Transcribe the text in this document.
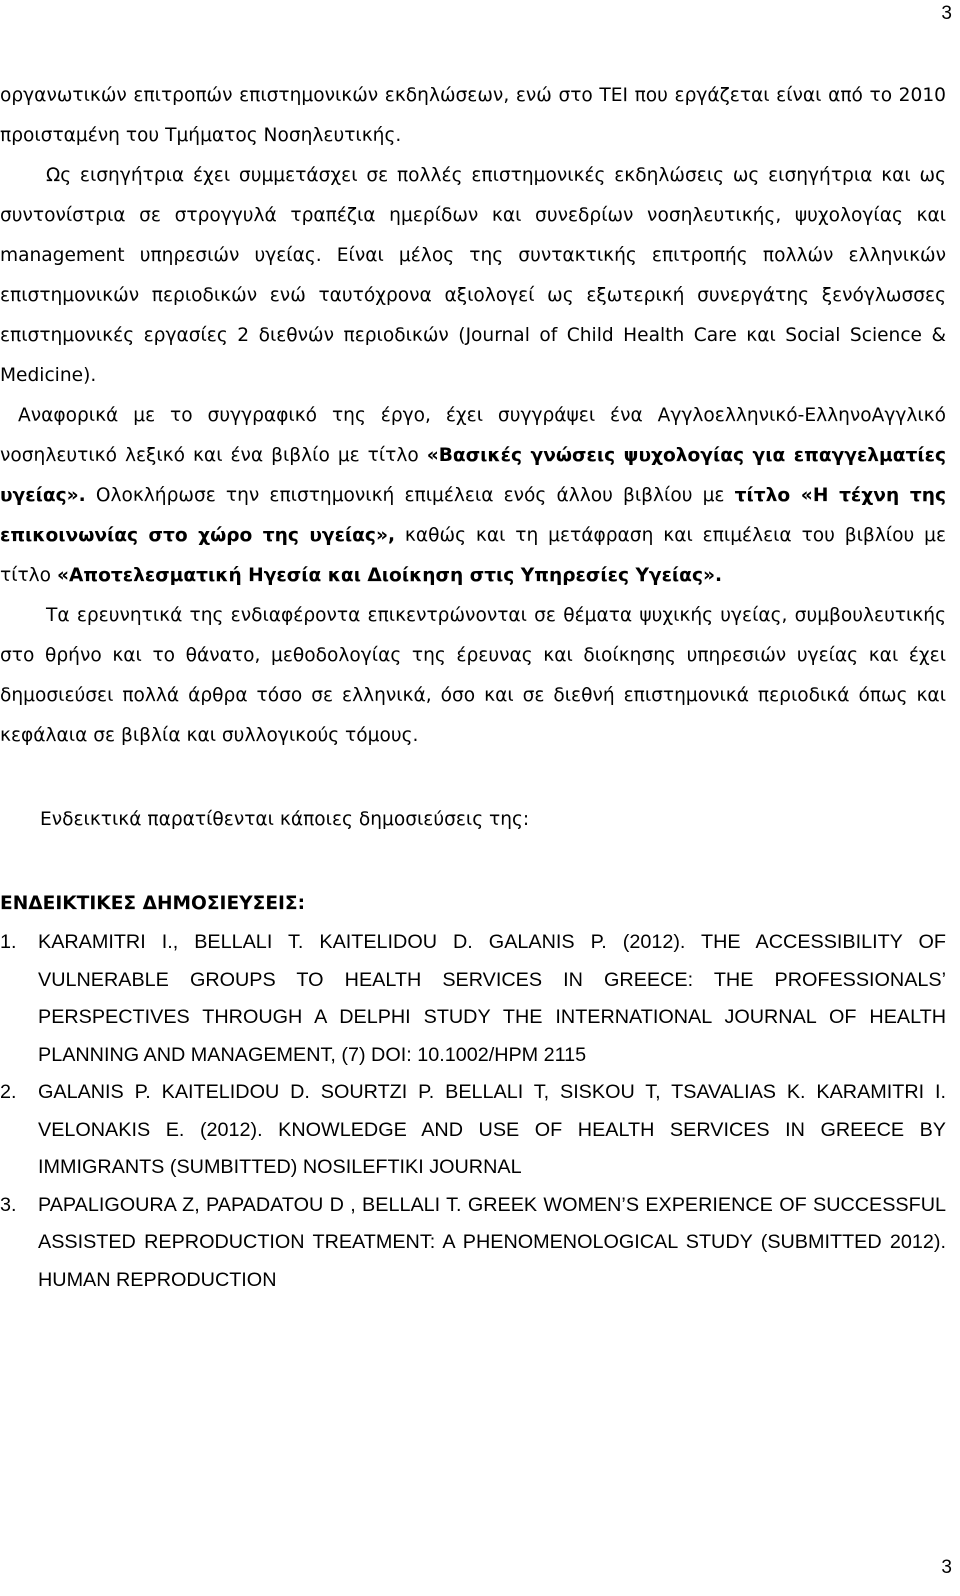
3

οργανωτικών επιτροπών επιστημονικών εκδηλώσεων, ενώ στο ΤΕΙ που εργάζεται είναι από το 2010 προισταμένη του Τμήματος Νοσηλευτικής.

Ως εισηγήτρια έχει συμμετάσχει σε πολλές επιστημονικές εκδηλώσεις ως εισηγήτρια και ως συντονίστρια σε στρογγυλά τραπέζια ημερίδων και συνεδρίων νοσηλευτικής, ψυχολογίας και management υπηρεσιών υγείας. Είναι μέλος της συντακτικής επιτροπής πολλών ελληνικών επιστημονικών περιοδικών ενώ ταυτόχρονα αξιολογεί ως εξωτερική συνεργάτης ξενόγλωσσες επιστημονικές εργασίες 2 διεθνών περιοδικών (Journal of Child Health Care και Social Science & Medicine).

Αναφορικά με το συγγραφικό της έργο, έχει συγγράψει ένα Αγγλοελληνικό-ΕλληνοΑγγλικό νοσηλευτικό λεξικό και ένα βιβλίο με τίτλο «Βασικές γνώσεις ψυχολογίας για επαγγελματίες υγείας». Ολοκλήρωσε την επιστημονική επιμέλεια ενός άλλου βιβλίου με τίτλο «Η τέχνη της επικοινωνίας στο χώρο της υγείας», καθώς και τη μετάφραση και επιμέλεια του βιβλίου με τίτλο «Αποτελεσματική Ηγεσία και Διοίκηση στις Υπηρεσίες Υγείας».

Τα ερευνητικά της ενδιαφέροντα επικεντρώνονται σε θέματα ψυχικής υγείας, συμβουλευτικής στο θρήνο και το θάνατο, μεθοδολογίας της έρευνας και διοίκησης υπηρεσιών υγείας και έχει δημοσιεύσει πολλά άρθρα τόσο σε ελληνικά, όσο και σε διεθνή επιστημονικά περιοδικά όπως και κεφάλαια σε βιβλία και συλλογικούς τόμους.

Ενδεικτικά παρατίθενται κάποιες δημοσιεύσεις της:

ΕΝΔΕΙΚΤΙΚΕΣ ΔΗΜΟΣΙΕΥΣΕΙΣ:

1. KARAMITRI I., BELLALI T. KAITELIDOU D. GALANIS P. (2012). THE ACCESSIBILITY OF VULNERABLE GROUPS TO HEALTH SERVICES IN GREECE: THE PROFESSIONALS’ PERSPECTIVES THROUGH A DELPHI STUDY THE INTERNATIONAL JOURNAL OF HEALTH PLANNING AND MANAGEMENT, (7) DOI: 10.1002/HPM 2115
2. GALANIS P. KAITELIDOU D. SOURTZI P. BELLALI T, SISKOU T, TSAVALIAS K. KARAMITRI I. VELONAKIS E. (2012). KNOWLEDGE AND USE OF HEALTH SERVICES IN GREECE BY IMMIGRANTS (SUMBITTED) NOSILEFTIKI JOURNAL
3. PAPALIGOURA Z, PAPADATOU D , BELLALI T. GREEK WOMEN’S EXPERIENCE OF SUCCESSFUL ASSISTED REPRODUCTION TREATMENT: A PHENOMENOLOGICAL STUDY (SUBMITTED 2012). HUMAN REPRODUCTION
3
